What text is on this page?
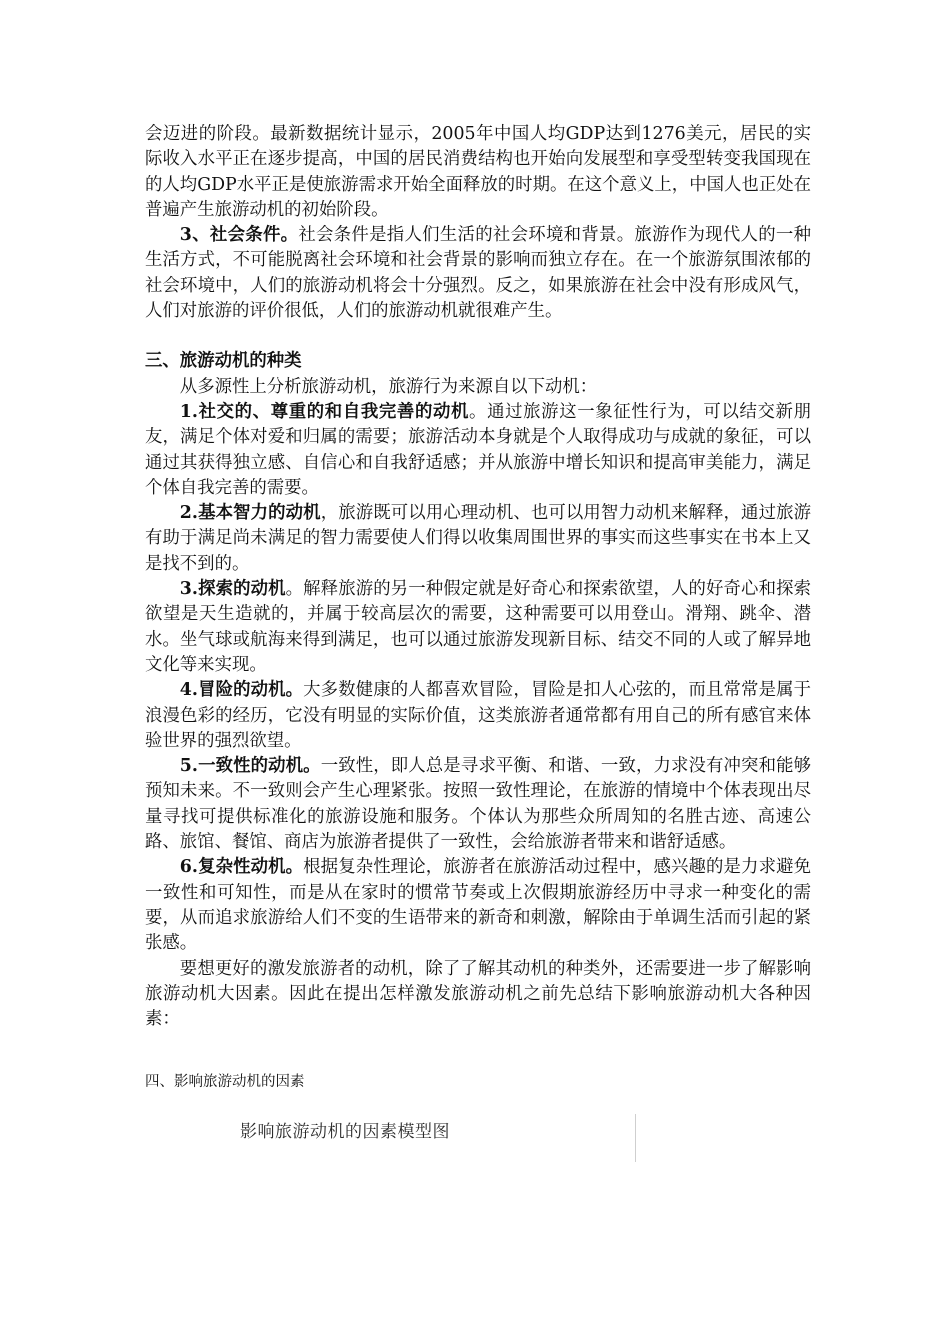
会迈进的阶段。最新数据统计显示，2005年中国人均GDP达到1276美元，居民的实际收入水平正在逐步提高，中国的居民消费结构也开始向发展型和享受型转变我国现在的人均GDP水平正是使旅游需求开始全面释放的时期。在这个意义上，中国人也正处在普遍产生旅游动机的初始阶段。

3、社会条件。社会条件是指人们生活的社会环境和背景。旅游作为现代人的一种生活方式，不可能脱离社会环境和社会背景的影响而独立存在。在一个旅游氛围浓郁的社会环境中，人们的旅游动机将会十分强烈。反之，如果旅游在社会中没有形成风气，人们对旅游的评价很低，人们的旅游动机就很难产生。

三、旅游动机的种类

从多源性上分析旅游动机，旅游行为来源自以下动机：

1.社交的、尊重的和自我完善的动机。通过旅游这一象征性行为，可以结交新朋友，满足个体对爱和归属的需要；旅游活动本身就是个人取得成功与成就的象征，可以通过其获得独立感、自信心和自我舒适感；并从旅游中增长知识和提高审美能力，满足个体自我完善的需要。

2.基本智力的动机，旅游既可以用心理动机、也可以用智力动机来解释，通过旅游有助于满足尚未满足的智力需要使人们得以收集周围世界的事实而这些事实在书本上又是找不到的。

3.探索的动机。解释旅游的另一种假定就是好奇心和探索欲望，人的好奇心和探索欲望是天生造就的，并属于较高层次的需要，这种需要可以用登山。滑翔、跳伞、潜水。坐气球或航海来得到满足，也可以通过旅游发现新目标、结交不同的人或了解异地文化等来实现。

4.冒险的动机。大多数健康的人都喜欢冒险，冒险是扣人心弦的，而且常常是属于浪漫色彩的经历，它没有明显的实际价值，这类旅游者通常都有用自己的所有感官来体验世界的强烈欲望。

5.一致性的动机。一致性，即人总是寻求平衡、和谐、一致，力求没有冲突和能够预知未来。不一致则会产生心理紧张。按照一致性理论，在旅游的情境中个体表现出尽量寻找可提供标准化的旅游设施和服务。个体认为那些众所周知的名胜古迹、高速公路、旅馆、餐馆、商店为旅游者提供了一致性，会给旅游者带来和谐舒适感。

6.复杂性动机。根据复杂性理论，旅游者在旅游活动过程中，感兴趣的是力求避免一致性和可知性，而是从在家时的惯常节奏或上次假期旅游经历中寻求一种变化的需要，从而追求旅游给人们不变的生语带来的新奇和刺激，解除由于单调生活而引起的紧张感。

要想更好的激发旅游者的动机，除了了解其动机的种类外，还需要进一步了解影响旅游动机大因素。因此在提出怎样激发旅游动机之前先总结下影响旅游动机大各种因素：

四、影响旅游动机的因素
影响旅游动机的因素模型图
